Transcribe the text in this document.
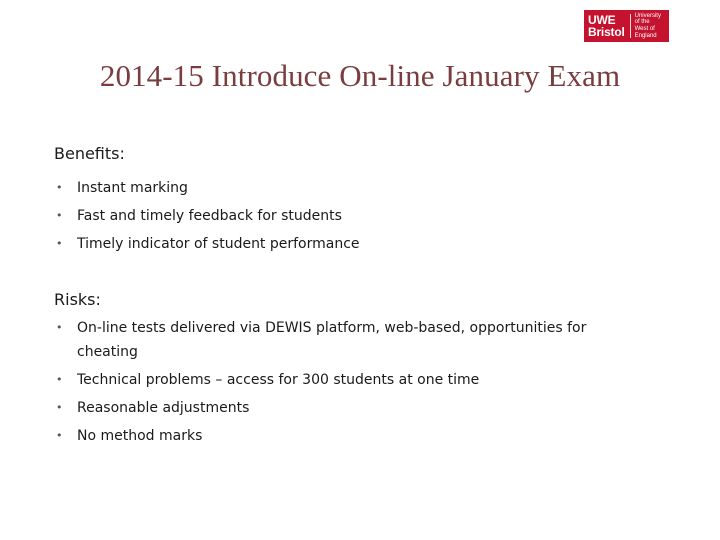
UWE
Bristol
University
of the
West of
England
2014-15 Introduce On-line January Exam
Benefits:
• Instant marking
• Fast and timely feedback for students
• Timely indicator of student performance
Risks:
• On-line tests delivered via DEWIS platform, web-based, opportunities for cheating
• Technical problems – access for 300 students at one time
• Reasonable adjustments
• No method marks
